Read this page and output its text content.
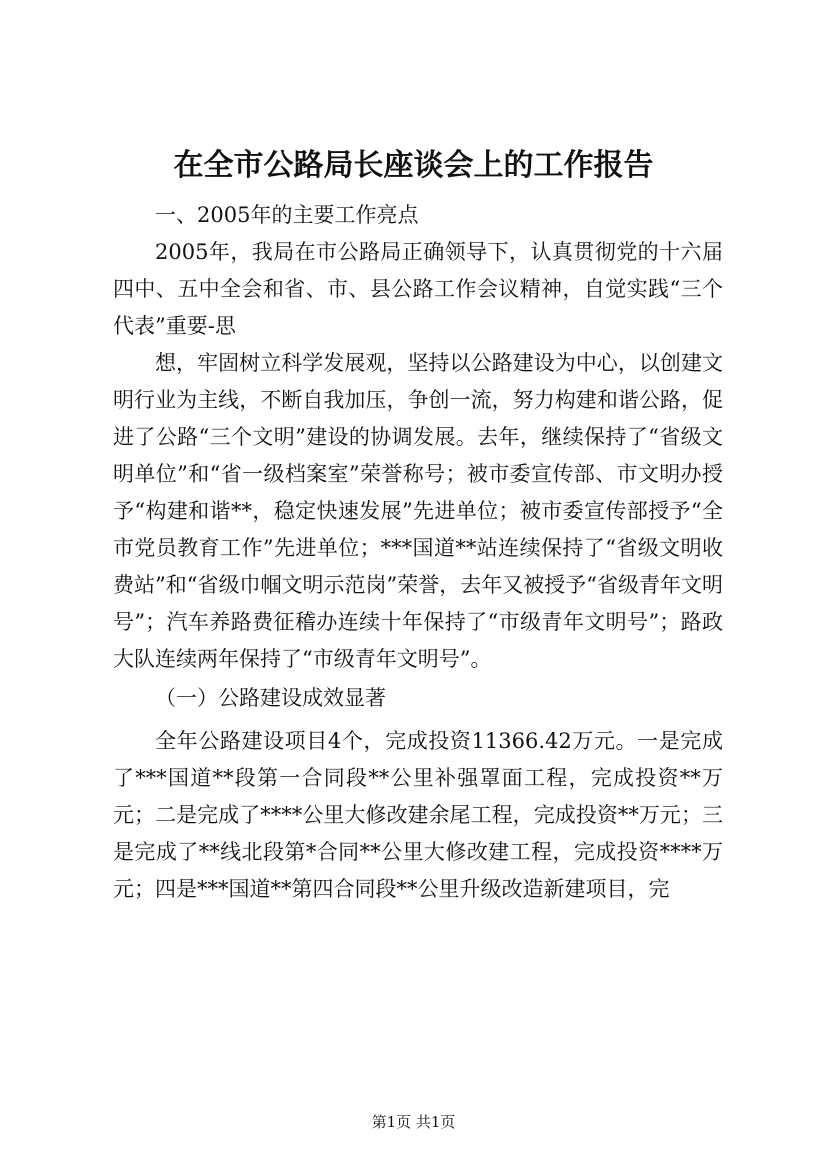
在全市公路局长座谈会上的工作报告

一、2005年的主要工作亮点

2005年，我局在市公路局正确领导下，认真贯彻党的十六届四中、五中全会和省、市、县公路工作会议精神，自觉实践“三个代表”重要-思

想，牢固树立科学发展观，坚持以公路建设为中心，以创建文明行业为主线，不断自我加压，争创一流，努力构建和谐公路，促进了公路“三个文明”建设的协调发展。去年，继续保持了“省级文明单位”和“省一级档案室”荣誉称号；被市委宣传部、市文明办授予“构建和谐**，稳定快速发展”先进单位；被市委宣传部授予“全市党员教育工作”先进单位；***国道**站连续保持了“省级文明收费站”和“省级巾帼文明示范岗”荣誉，去年又被授予“省级青年文明号”；汽车养路费征稽办连续十年保持了“市级青年文明号”；路政大队连续两年保持了“市级青年文明号”。

（一）公路建设成效显著

全年公路建设项目4个，完成投资11366.42万元。一是完成了***国道**段第一合同段**公里补强罩面工程，完成投资**万元；二是完成了****公里大修改建余尾工程，完成投资**万元；三是完成了**线北段第*合同**公里大修改建工程，完成投资****万元；四是***国道**第四合同段**公里升级改造新建项目，完

第1页 共1页
